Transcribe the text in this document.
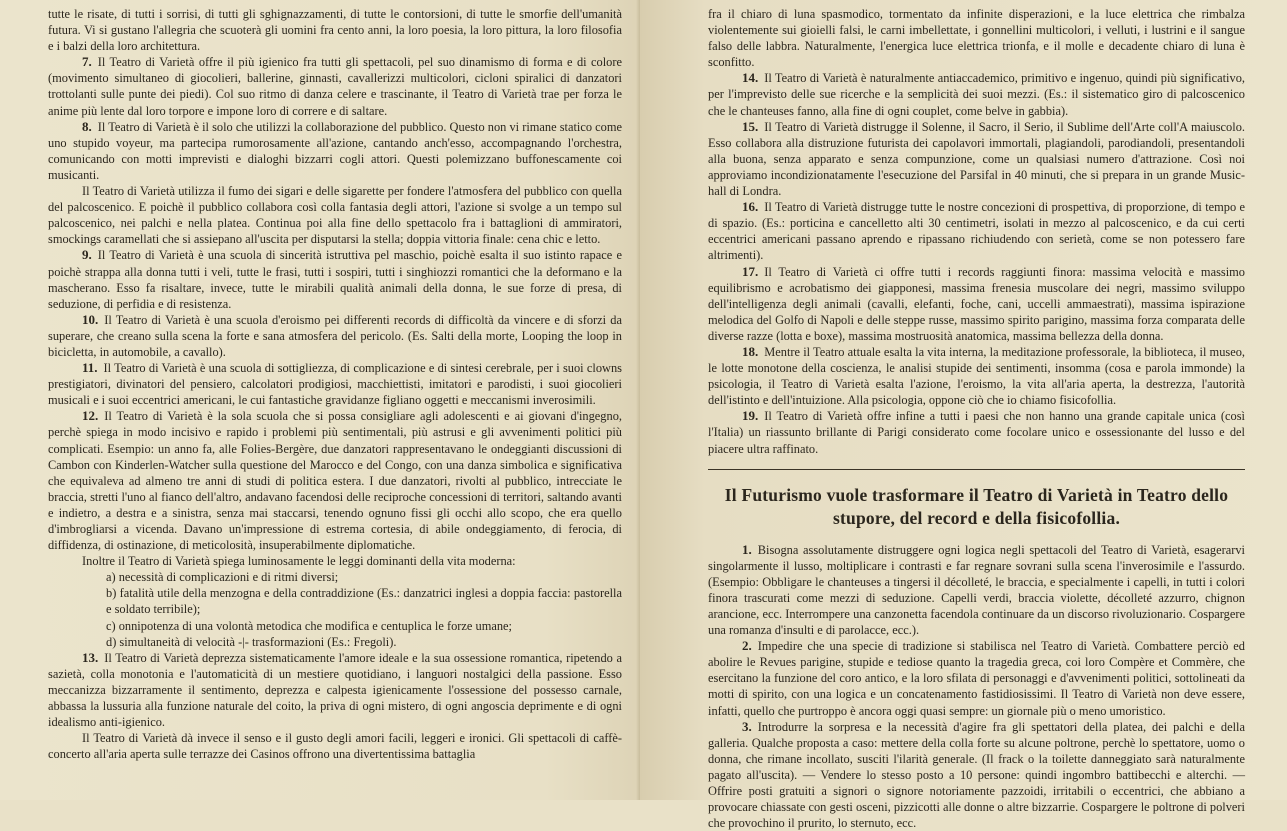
tutte le risate, di tutti i sorrisi, di tutti gli sghignazzamenti, di tutte le contorsioni, di tutte le smorfie dell'umanità futura. Vi si gustano l'allegria che scuoterà gli uomini fra cento anni, la loro poesia, la loro pittura, la loro filosofia e i balzi della loro architettura.

7. Il Teatro di Varietà offre il più igienico fra tutti gli spettacoli, pel suo dinamismo di forma e di colore (movimento simultaneo di giocolieri, ballerine, ginnasti, cavallerizzi multicolori, cicloni spiralici di danzatori trottolanti sulle punte dei piedi). Col suo ritmo di danza celere e trascinante, il Teatro di Varietà trae per forza le anime più lente dal loro torpore e impone loro di correre e di saltare.

8. Il Teatro di Varietà è il solo che utilizzi la collaborazione del pubblico. Questo non vi rimane statico come uno stupido voyeur, ma partecipa rumorosamente all'azione, cantando anch'esso, accompagnando l'orchestra, comunicando con motti imprevisti e dialoghi bizzarri cogli attori. Questi polemizzano buffonescamente coi musicanti.

Il Teatro di Varietà utilizza il fumo dei sigari e delle sigarette per fondere l'atmosfera del pubblico con quella del palcoscenico. E poichè il pubblico collabora così colla fantasia degli attori, l'azione si svolge a un tempo sul palcoscenico, nei palchi e nella platea. Continua poi alla fine dello spettacolo fra i battaglioni di ammiratori, smockings caramellati che si assiepano all'uscita per disputarsi la stella; doppia vittoria finale: cena chic e letto.

9. Il Teatro di Varietà è una scuola di sincerità istruttiva pel maschio, poichè esalta il suo istinto rapace e poichè strappa alla donna tutti i veli, tutte le frasi, tutti i sospiri, tutti i singhiozzi romantici che la deformano e la mascherano. Esso fa risaltare, invece, tutte le mirabili qualità animali della donna, le sue forze di presa, di seduzione, di perfidia e di resistenza.

10. Il Teatro di Varietà è una scuola d'eroismo pei differenti records di difficoltà da vincere e di sforzi da superare, che creano sulla scena la forte e sana atmosfera del pericolo. (Es. Salti della morte, Looping the loop in bicicletta, in automobile, a cavallo).

11. Il Teatro di Varietà è una scuola di sottigliezza, di complicazione e di sintesi cerebrale, per i suoi clowns prestigiatori, divinatori del pensiero, calcolatori prodigiosi, macchiettisti, imitatori e parodisti, i suoi giocolieri musicali e i suoi eccentrici americani, le cui fantastiche gravidanze figliano oggetti e meccanismi inverosimili.

12. Il Teatro di Varietà è la sola scuola che si possa consigliare agli adolescenti e ai giovani d'ingegno, perchè spiega in modo incisivo e rapido i problemi più sentimentali, più astrusi e gli avvenimenti politici più complicati. Esempio: un anno fa, alle Folies-Bergère, due danzatori rappresentavano le ondeggianti discussioni di Cambon con Kinderlen-Watcher sulla questione del Marocco e del Congo, con una danza simbolica e significativa che equivaleva ad almeno tre anni di studi di politica estera. I due danzatori, rivolti al pubblico, intrecciate le braccia, stretti l'uno al fianco dell'altro, andavano facendosi delle reciproche concessioni di territori, saltando avanti e indietro, a destra e a sinistra, senza mai staccarsi, tenendo ognuno fissi gli occhi allo scopo, che era quello d'imbrogliarsi a vicenda. Davano un'impressione di estrema cortesia, di abile ondeggiamento, di ferocia, di diffidenza, di ostinazione, di meticolosità, insuperabilmente diplomatiche.

Inoltre il Teatro di Varietà spiega luminosamente le leggi dominanti della vita moderna:

a) necessità di complicazioni e di ritmi diversi;

b) fatalità utile della menzogna e della contraddizione (Es.: danzatrici inglesi a doppia faccia: pastorella e soldato terribile);

c) onnipotenza di una volontà metodica che modifica e centuplica le forze umane;

d) simultaneità di velocità -|- trasformazioni (Es.: Fregoli).

13. Il Teatro di Varietà deprezza sistematicamente l'amore ideale e la sua ossessione romantica, ripetendo a sazietà, colla monotonia e l'automaticità di un mestiere quotidiano, i languori nostalgici della passione. Esso meccanizza bizzarramente il sentimento, deprezza e calpesta igienicamente l'ossessione del possesso carnale, abbassa la lussuria alla funzione naturale del coito, la priva di ogni mistero, di ogni angoscia deprimente e di ogni idealismo anti-igienico.

Il Teatro di Varietà dà invece il senso e il gusto degli amori facili, leggeri e ironici. Gli spettacoli di caffè-concerto all'aria aperta sulle terrazze dei Casinos offrono una divertentissima battaglia

fra il chiaro di luna spasmodico, tormentato da infinite disperazioni, e la luce elettrica che rimbalza violentemente sui gioielli falsi, le carni imbellettate, i gonnellini multicolori, i velluti, i lustrini e il sangue falso delle labbra. Naturalmente, l'energica luce elettrica trionfa, e il molle e decadente chiaro di luna è sconfitto.

14. Il Teatro di Varietà è naturalmente antiaccademico, primitivo e ingenuo, quindi più significativo, per l'imprevisto delle sue ricerche e la semplicità dei suoi mezzi. (Es.: il sistematico giro di palcoscenico che le chanteuses fanno, alla fine di ogni couplet, come belve in gabbia).

15. Il Teatro di Varietà distrugge il Solenne, il Sacro, il Serio, il Sublime dell'Arte coll'A maiuscolo. Esso collabora alla distruzione futurista dei capolavori immortali, plagiandoli, parodiandoli, presentandoli alla buona, senza apparato e senza compunzione, come un qualsiasi numero d'attrazione. Così noi approviamo incondizionatamente l'esecuzione del Parsifal in 40 minuti, che si prepara in un grande Music-hall di Londra.

16. Il Teatro di Varietà distrugge tutte le nostre concezioni di prospettiva, di proporzione, di tempo e di spazio. (Es.: porticina e cancelletto alti 30 centimetri, isolati in mezzo al palcoscenico, e da cui certi eccentrici americani passano aprendo e ripassano richiudendo con serietà, come se non potessero fare altrimenti).

17. Il Teatro di Varietà ci offre tutti i records raggiunti finora: massima velocità e massimo equilibrismo e acrobatismo dei giapponesi, massima frenesia muscolare dei negri, massimo sviluppo dell'intelligenza degli animali (cavalli, elefanti, foche, cani, uccelli ammaestrati), massima ispirazione melodica del Golfo di Napoli e delle steppe russe, massimo spirito parigino, massima forza comparata delle diverse razze (lotta e boxe), massima mostruosità anatomica, massima bellezza della donna.

18. Mentre il Teatro attuale esalta la vita interna, la meditazione professorale, la biblioteca, il museo, le lotte monotone della coscienza, le analisi stupide dei sentimenti, insomma (cosa e parola immonde) la psicologia, il Teatro di Varietà esalta l'azione, l'eroismo, la vita all'aria aperta, la destrezza, l'autorità dell'istinto e dell'intuizione. Alla psicologia, oppone ciò che io chiamo fisicofollia.

19. Il Teatro di Varietà offre infine a tutti i paesi che non hanno una grande capitale unica (così l'Italia) un riassunto brillante di Parigi considerato come focolare unico e ossessionante del lusso e del piacere ultra raffinato.

Il Futurismo vuole trasformare il Teatro di Varietà in Teatro dello stupore, del record e della fisicofollia.

1. Bisogna assolutamente distruggere ogni logica negli spettacoli del Teatro di Varietà, esagerarvi singolarmente il lusso, moltiplicare i contrasti e far regnare sovrani sulla scena l'inverosimile e l'assurdo. (Esempio: Obbligare le chanteuses a tingersi il décolleté, le braccia, e specialmente i capelli, in tutti i colori finora trascurati come mezzi di seduzione. Capelli verdi, braccia violette, décolleté azzurro, chignon arancione, ecc. Interrompere una canzonetta facendola continuare da un discorso rivoluzionario. Cospargere una romanza d'insulti e di parolacce, ecc.).

2. Impedire che una specie di tradizione si stabilisca nel Teatro di Varietà. Combattere perciò ed abolire le Revues parigine, stupide e tediose quanto la tragedia greca, coi loro Compère et Commère, che esercitano la funzione del coro antico, e la loro sfilata di personaggi e d'avvenimenti politici, sottolineati da motti di spirito, con una logica e un concatenamento fastidiosissimi. Il Teatro di Varietà non deve essere, infatti, quello che purtroppo è ancora oggi quasi sempre: un giornale più o meno umoristico.

3. Introdurre la sorpresa e la necessità d'agire fra gli spettatori della platea, dei palchi e della galleria. Qualche proposta a caso: mettere della colla forte su alcune poltrone, perchè lo spettatore, uomo o donna, che rimane incollato, susciti l'ilarità generale. (Il frack o la toilette danneggiato sarà naturalmente pagato all'uscita). — Vendere lo stesso posto a 10 persone: quindi ingombro battibecchi e alterchi. — Offrire posti gratuiti a signori o signore notoriamente pazzoidi, irritabili o eccentrici, che abbiano a provocare chiassate con gesti osceni, pizzicotti alle donne o altre bizzarrie. Cospargere le poltrone di polveri che provochino il prurito, lo sternuto, ecc.
